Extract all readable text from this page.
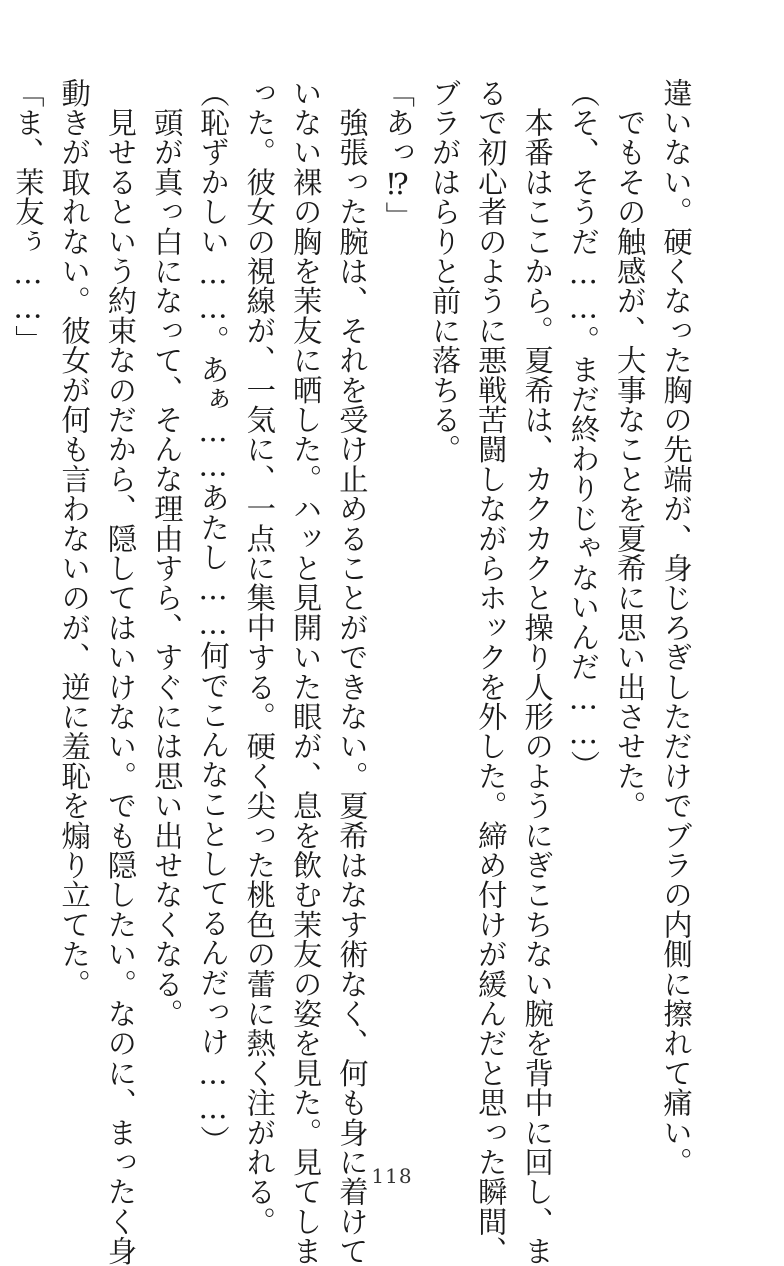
違いない。硬くなった胸の先端が、身じろぎしただけでブラの内側に擦れて痛い。
　でもその触感が、大事なことを夏希に思い出させた。
（そ、そうだ……。まだ終わりじゃないんだ……）
　本番はここから。夏希は、カクカクと操り人形のようにぎこちない腕を背中に回し、ま
るで初心者のように悪戦苦闘しながらホックを外した。締め付けが緩んだと思った瞬間、
ブラがはらりと前に落ちる。
「あっ⁉」
　強張った腕は、それを受け止めることができない。夏希はなす術なく、何も身に着けて
いない裸の胸を茉友に晒した。ハッと見開いた眼が、息を飲む茉友の姿を見た。見てしま
った。彼女の視線が、一気に、一点に集中する。硬く尖った桃色の蕾に熱く注がれる。
（恥ずかしい……。あぁ……あたし……何でこんなことしてるんだっけ……）
　頭が真っ白になって、そんな理由すら、すぐには思い出せなくなる。
　見せるという約束なのだから、隠してはいけない。でも隠したい。なのに、まったく身
動きが取れない。彼女が何も言わないのが、逆に羞恥を煽り立てた。
「ま、茉友ぅ……」
118
